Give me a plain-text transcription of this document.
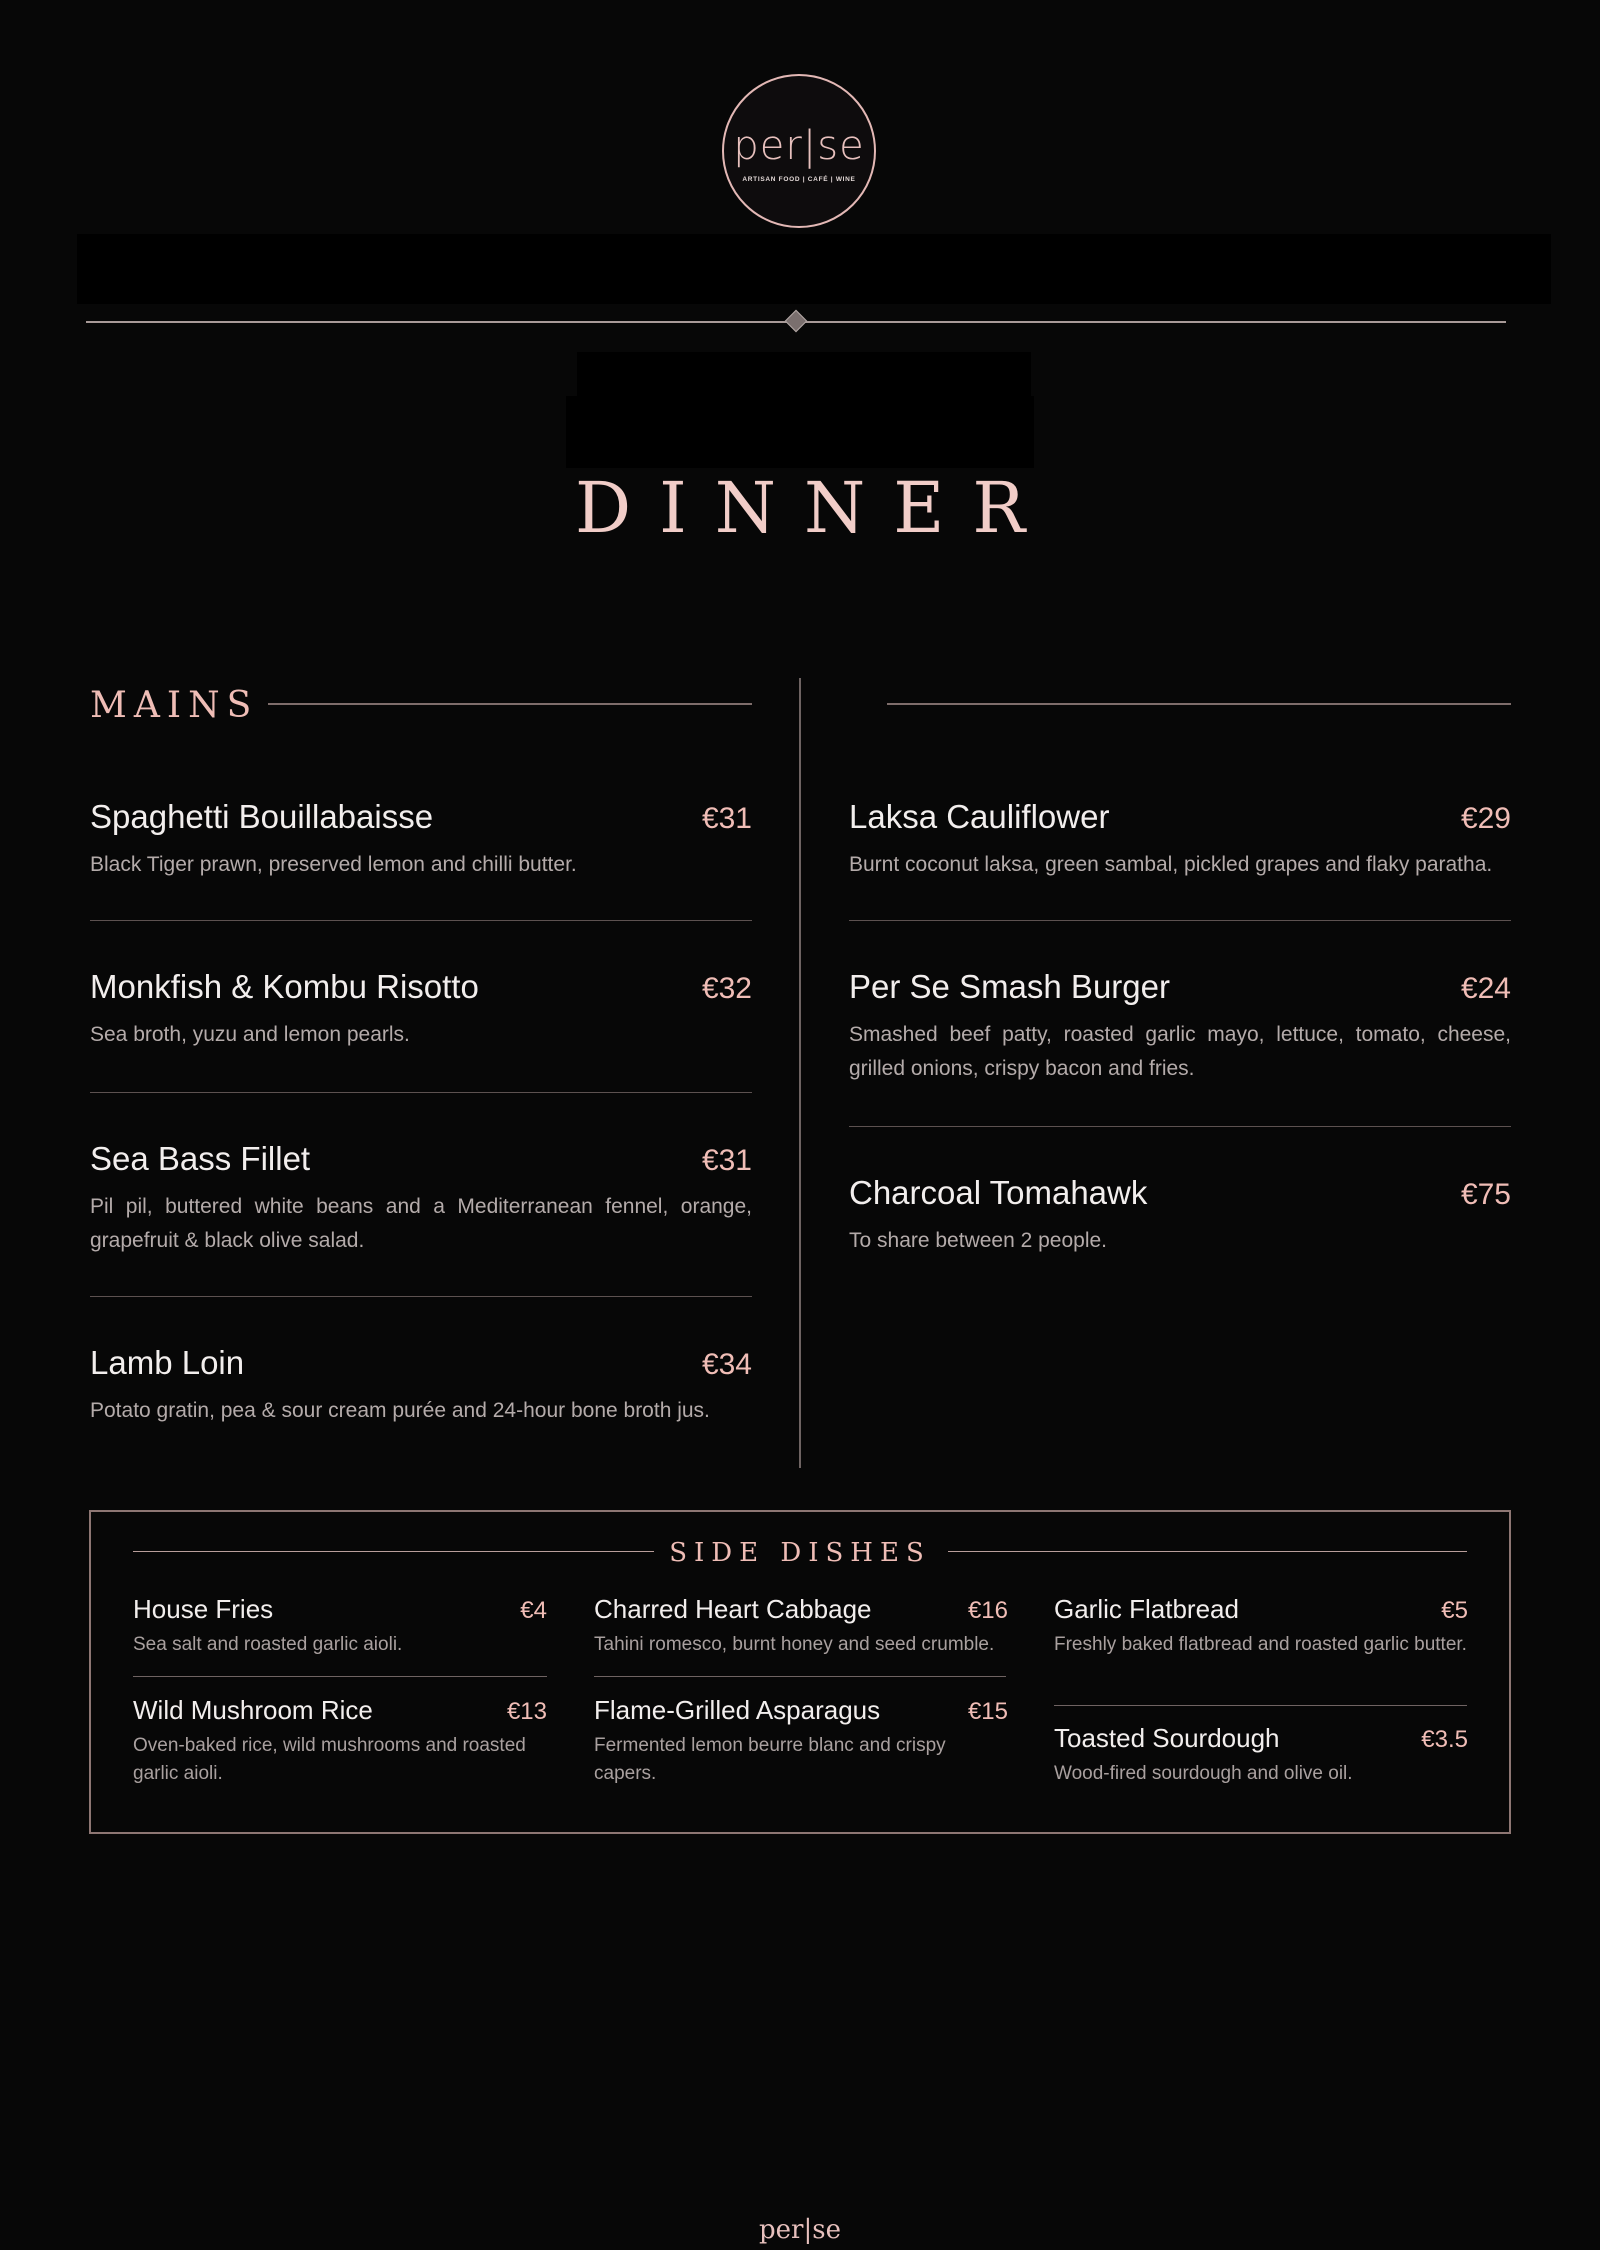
per|se
ARTISAN FOOD | CAFÉ | WINE
DINNER
MAINS
Spaghetti Bouillabaisse	€31
Black Tiger prawn, preserved lemon and chilli butter.
Monkfish & Kombu Risotto	€32
Sea broth, yuzu and lemon pearls.
Sea Bass Fillet	€31
Pil pil, buttered white beans and a Mediterranean fennel, orange, grapefruit & black olive salad.
Lamb Loin	€34
Potato gratin, pea & sour cream purée and 24-hour bone broth jus.
Laksa Cauliflower	€29
Burnt coconut laksa, green sambal, pickled grapes and flaky paratha.
Per Se Smash Burger	€24
Smashed beef patty, roasted garlic mayo, lettuce, tomato, cheese, grilled onions, crispy bacon and fries.
Charcoal Tomahawk	€75
To share between 2 people.
SIDE DISHES
House Fries	€4
Sea salt and roasted garlic aioli.
Wild Mushroom Rice	€13
Oven-baked rice, wild mushrooms and roasted garlic aioli.
Charred Heart Cabbage	€16
Tahini romesco, burnt honey and seed crumble.
Flame-Grilled Asparagus	€15
Fermented lemon beurre blanc and crispy capers.
Garlic Flatbread	€5
Freshly baked flatbread and roasted garlic butter.
Toasted Sourdough	€3.5
Wood-fired sourdough and olive oil.
per|se
